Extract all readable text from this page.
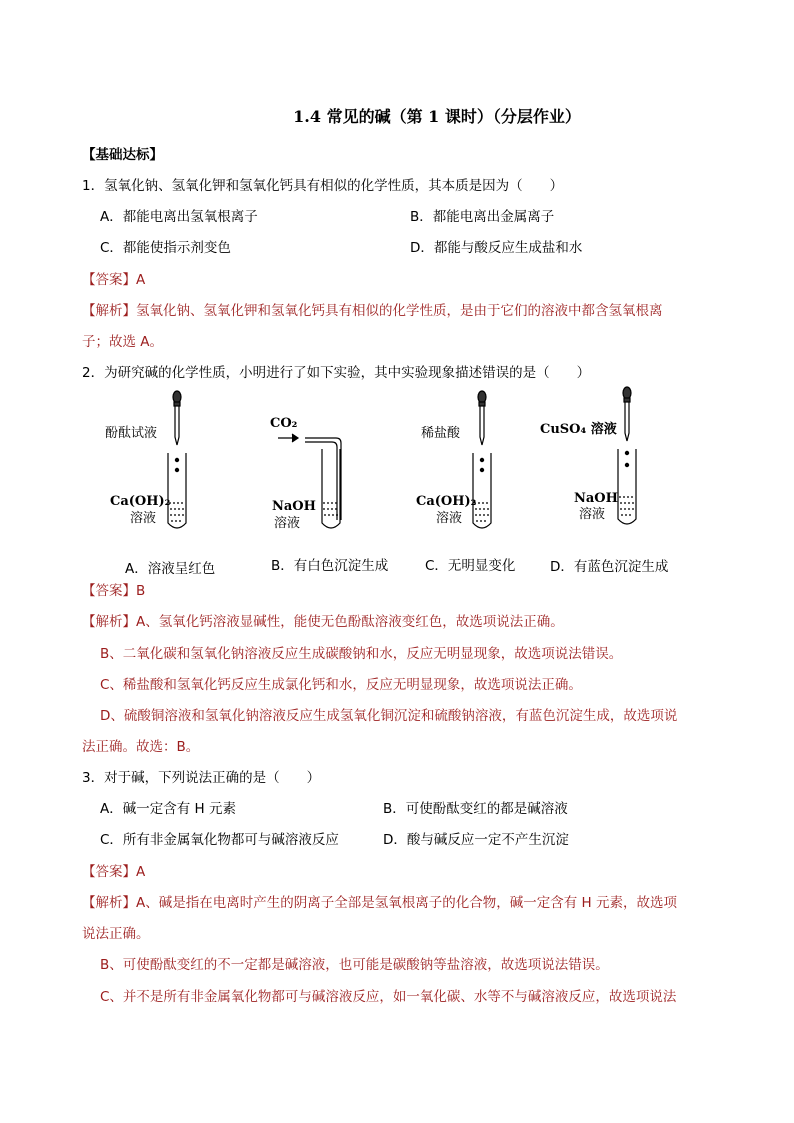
1.4 常见的碱（第 1 课时）（分层作业）
【基础达标】
1．氢氧化钠、氢氧化钾和氢氧化钙具有相似的化学性质，其本质是因为（　　）
A．都能电离出氢氧根离子	B．都能电离出金属离子
C．都能使指示剂变色	D．都能与酸反应生成盐和水
【答案】A
【解析】氢氧化钠、氢氧化钾和氢氧化钙具有相似的化学性质，是由于它们的溶液中都含氢氧根离
子；故选 A。
2．为研究碱的化学性质，小明进行了如下实验，其中实验现象描述错误的是（　　）
酚酞试液
Ca(OH)₂
溶液
CO₂
NaOH
溶液
稀盐酸
Ca(OH)₂
溶液
CuSO₄ 溶液
NaOH
溶液
A．溶液呈红色	B．有白色沉淀生成	C．无明显变化	D．有蓝色沉淀生成
【答案】B
【解析】A、氢氧化钙溶液显碱性，能使无色酚酞溶液变红色，故选项说法正确。
B、二氧化碳和氢氧化钠溶液反应生成碳酸钠和水，反应无明显现象，故选项说法错误。
C、稀盐酸和氢氧化钙反应生成氯化钙和水，反应无明显现象，故选项说法正确。
D、硫酸铜溶液和氢氧化钠溶液反应生成氢氧化铜沉淀和硫酸钠溶液，有蓝色沉淀生成，故选项说
法正确。故选：B。
3．对于碱，下列说法正确的是（　　）
A．碱一定含有 H 元素	B．可使酚酞变红的都是碱溶液
C．所有非金属氧化物都可与碱溶液反应	D．酸与碱反应一定不产生沉淀
【答案】A
【解析】A、碱是指在电离时产生的阴离子全部是氢氧根离子的化合物，碱一定含有 H 元素，故选项
说法正确。
B、可使酚酞变红的不一定都是碱溶液，也可能是碳酸钠等盐溶液，故选项说法错误。
C、并不是所有非金属氧化物都可与碱溶液反应，如一氧化碳、水等不与碱溶液反应，故选项说法
